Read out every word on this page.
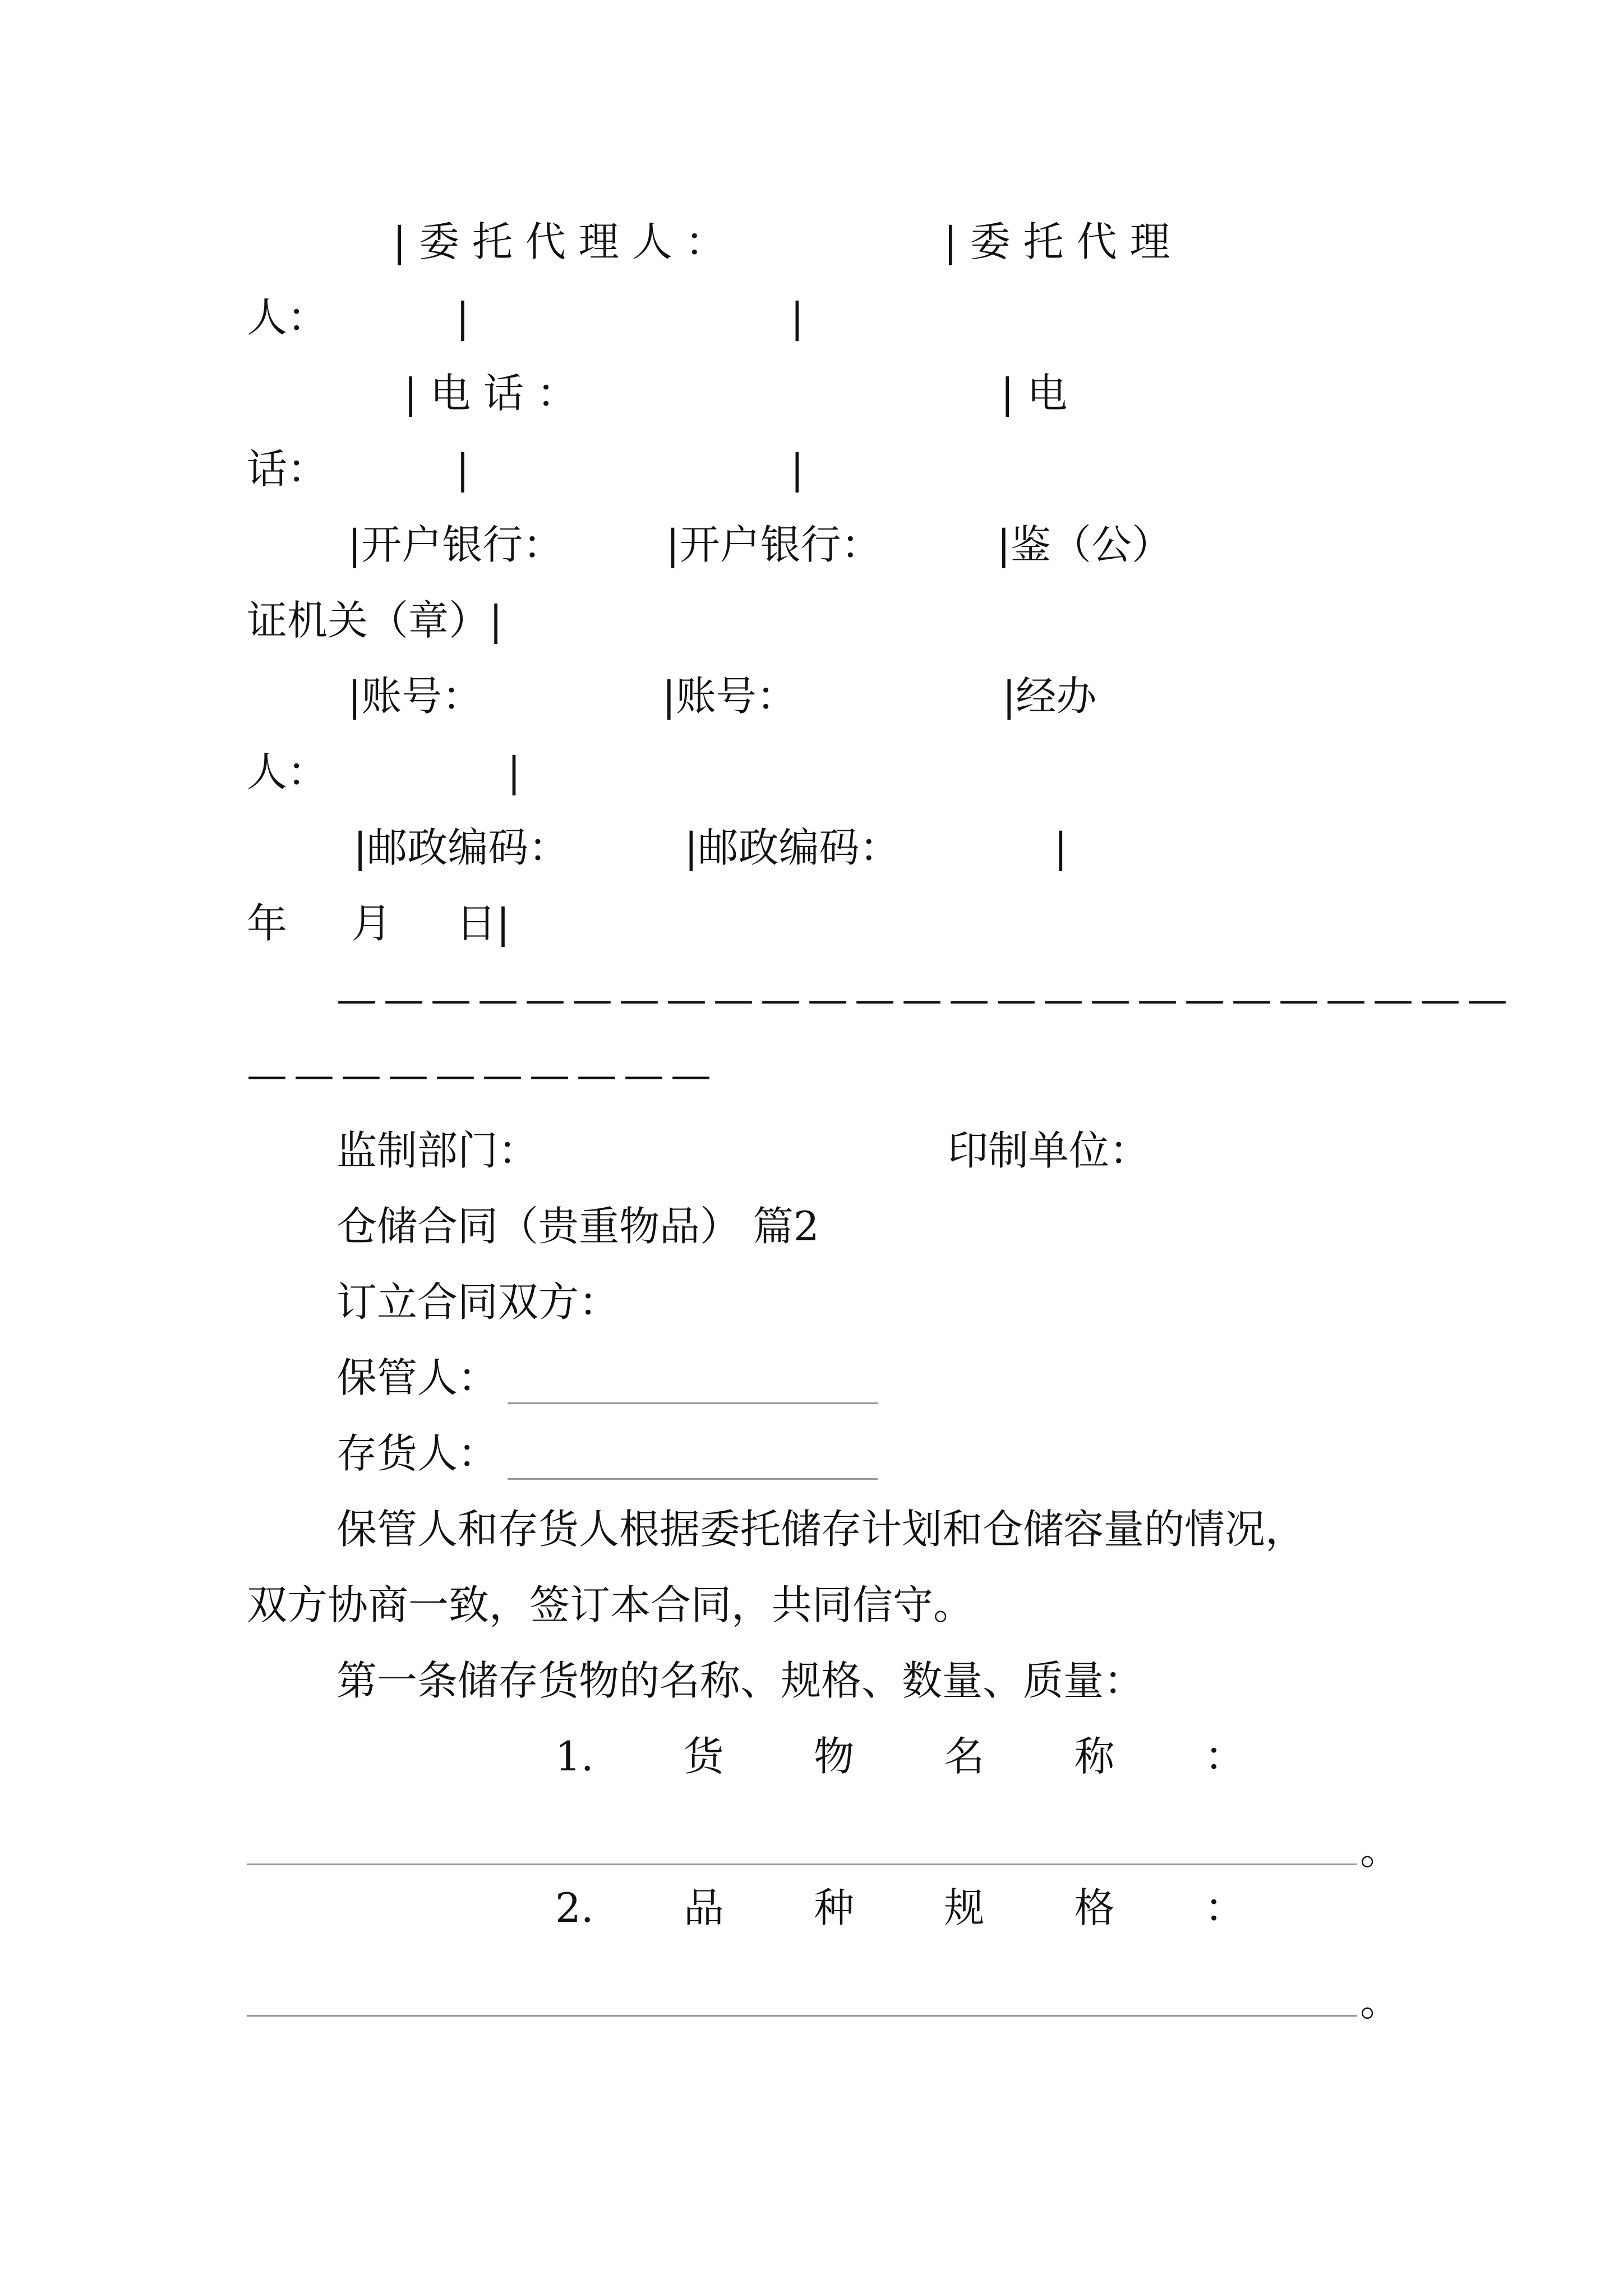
| 委 托 代 理 人 ：                 | 委 托 代 理
人：          |                         |
| 电 话 ：                                 | 电
话：          |                         |
|开户银行：        |开户银行：         |鉴（公）
证机关（章）|
|账号：              |账号：                |经办
人：              |
|邮政编码：         |邮政编码：            |
年     月     日|
—————————————————————————
——————————
监制部门：	印制单位：
仓储合同（贵重物品） 篇2
订立合同双方：
保管人：
存货人：
保管人和存货人根据委托储存计划和仓储容量的情况，
双方协商一致，签订本合同，共同信守。
第一条储存货物的名称、规格、数量、质量：
1.       货       物       名       称       ：
。
2.       品       种       规       格       ：
。
